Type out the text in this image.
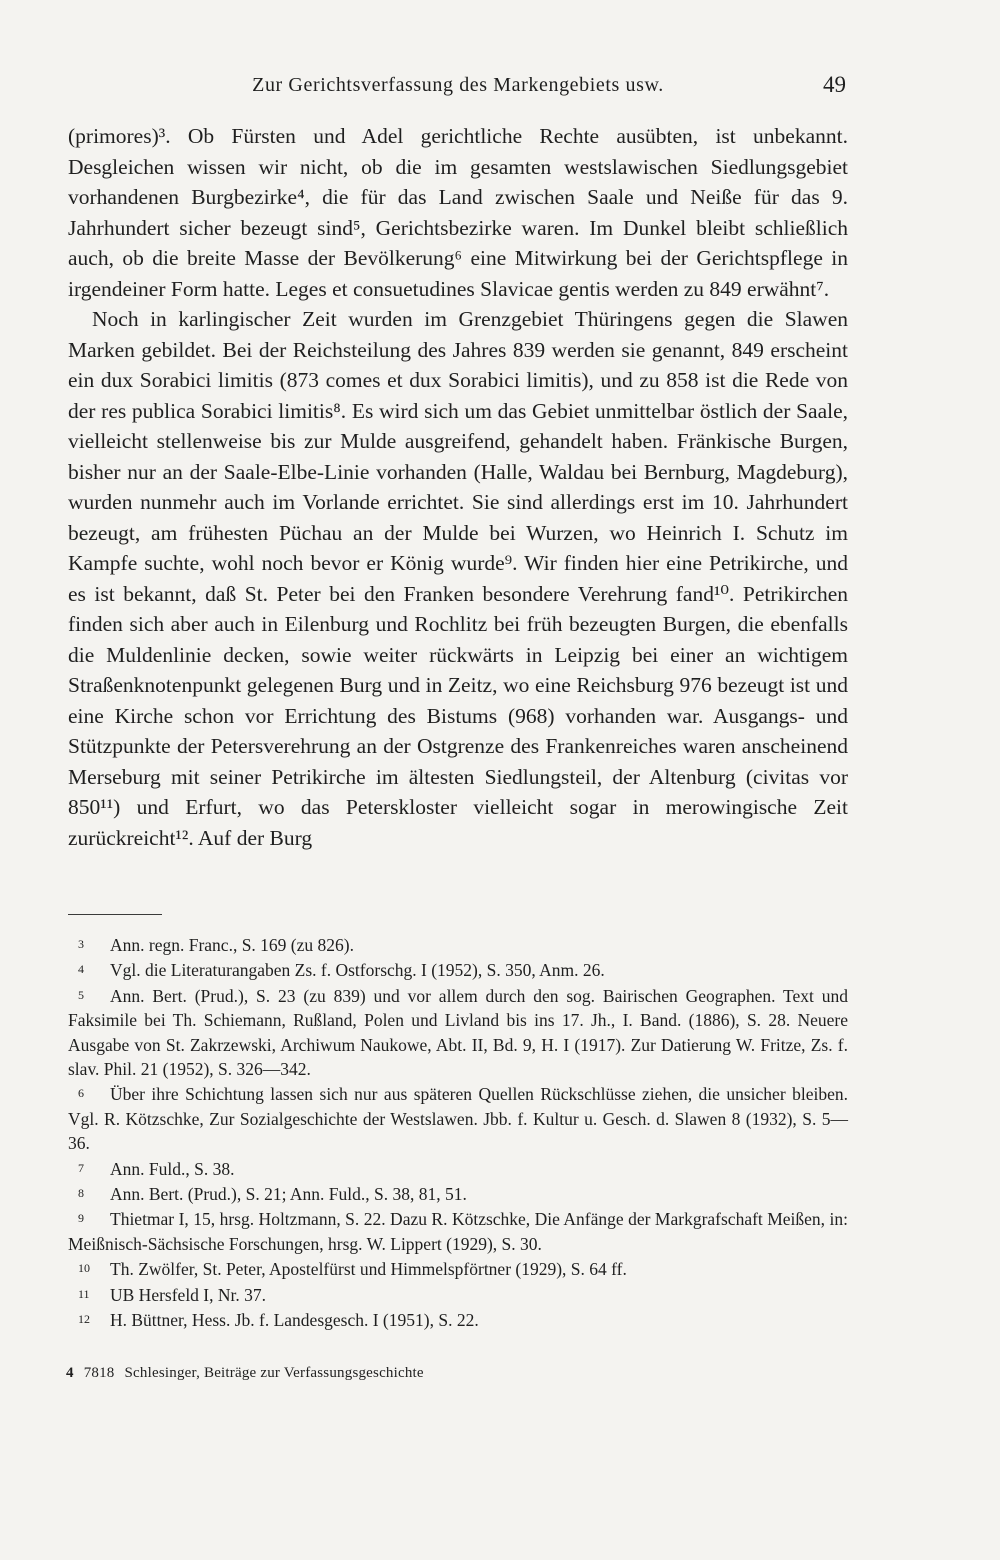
Zur Gerichtsverfassung des Markengebiets usw.	49

(primores)³. Ob Fürsten und Adel gerichtliche Rechte ausübten, ist unbekannt. Desgleichen wissen wir nicht, ob die im gesamten westslawischen Siedlungsgebiet vorhandenen Burgbezirke⁴, die für das Land zwischen Saale und Neiße für das 9. Jahrhundert sicher bezeugt sind⁵, Gerichtsbezirke waren. Im Dunkel bleibt schließlich auch, ob die breite Masse der Bevölkerung⁶ eine Mitwirkung bei der Gerichtspflege in irgendeiner Form hatte. Leges et consuetudines Slavicae gentis werden zu 849 erwähnt⁷.

Noch in karlingischer Zeit wurden im Grenzgebiet Thüringens gegen die Slawen Marken gebildet. Bei der Reichsteilung des Jahres 839 werden sie genannt, 849 erscheint ein dux Sorabici limitis (873 comes et dux Sorabici limitis), und zu 858 ist die Rede von der res publica Sorabici limitis⁸. Es wird sich um das Gebiet unmittelbar östlich der Saale, vielleicht stellenweise bis zur Mulde ausgreifend, gehandelt haben. Fränkische Burgen, bisher nur an der Saale-Elbe-Linie vorhanden (Halle, Waldau bei Bernburg, Magdeburg), wurden nunmehr auch im Vorlande errichtet. Sie sind allerdings erst im 10. Jahrhundert bezeugt, am frühesten Püchau an der Mulde bei Wurzen, wo Heinrich I. Schutz im Kampfe suchte, wohl noch bevor er König wurde⁹. Wir finden hier eine Petrikirche, und es ist bekannt, daß St. Peter bei den Franken besondere Verehrung fand¹⁰. Petrikirchen finden sich aber auch in Eilenburg und Rochlitz bei früh bezeugten Burgen, die ebenfalls die Muldenlinie decken, sowie weiter rückwärts in Leipzig bei einer an wichtigem Straßenknotenpunkt gelegenen Burg und in Zeitz, wo eine Reichsburg 976 bezeugt ist und eine Kirche schon vor Errichtung des Bistums (968) vorhanden war. Ausgangs- und Stützpunkte der Petersverehrung an der Ostgrenze des Frankenreiches waren anscheinend Merseburg mit seiner Petrikirche im ältesten Siedlungsteil, der Altenburg (civitas vor 850¹¹) und Erfurt, wo das Peterskloster vielleicht sogar in merowingische Zeit zurückreicht¹². Auf der Burg

3 Ann. regn. Franc., S. 169 (zu 826).

4 Vgl. die Literaturangaben Zs. f. Ostforschg. I (1952), S. 350, Anm. 26.

5 Ann. Bert. (Prud.), S. 23 (zu 839) und vor allem durch den sog. Bairischen Geographen. Text und Faksimile bei Th. Schiemann, Rußland, Polen und Livland bis ins 17. Jh., I. Band. (1886), S. 28. Neuere Ausgabe von St. Zakrzewski, Archiwum Naukowe, Abt. II, Bd. 9, H. I (1917). Zur Datierung W. Fritze, Zs. f. slav. Phil. 21 (1952), S. 326—342.

6 Über ihre Schichtung lassen sich nur aus späteren Quellen Rückschlüsse ziehen, die unsicher bleiben. Vgl. R. Kötzschke, Zur Sozialgeschichte der Westslawen. Jbb. f. Kultur u. Gesch. d. Slawen 8 (1932), S. 5—36.

7 Ann. Fuld., S. 38.

8 Ann. Bert. (Prud.), S. 21; Ann. Fuld., S. 38, 81, 51.

9 Thietmar I, 15, hrsg. Holtzmann, S. 22. Dazu R. Kötzschke, Die Anfänge der Markgrafschaft Meißen, in: Meißnisch-Sächsische Forschungen, hrsg. W. Lippert (1929), S. 30.

10 Th. Zwölfer, St. Peter, Apostelfürst und Himmelspförtner (1929), S. 64 ff.

11 UB Hersfeld I, Nr. 37.

12 H. Büttner, Hess. Jb. f. Landesgesch. I (1951), S. 22.

4 7818 Schlesinger, Beiträge zur Verfassungsgeschichte
